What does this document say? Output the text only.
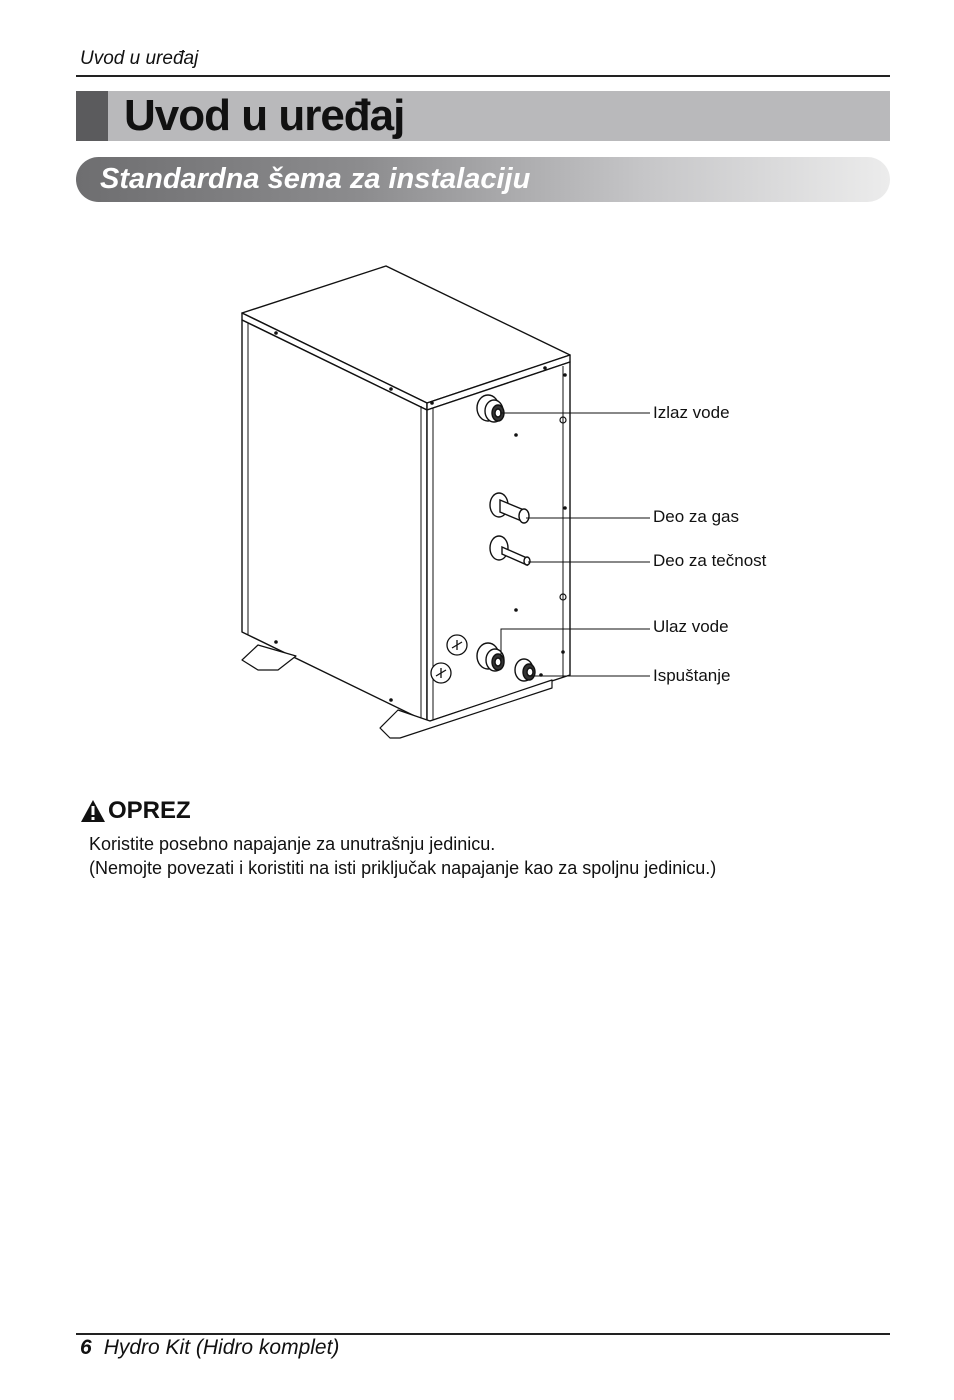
Uvod u uređaj
Uvod u uređaj
Standardna šema za instalaciju
Izlaz vode
Deo za gas
Deo za tečnost
Ulaz vode
Ispuštanje
OPREZ
Koristite posebno napajanje za unutrašnju jedinicu.
(Nemojte povezati i koristiti na isti priključak napajanje kao za spoljnu jedinicu.)
6 Hydro Kit (Hidro komplet)
